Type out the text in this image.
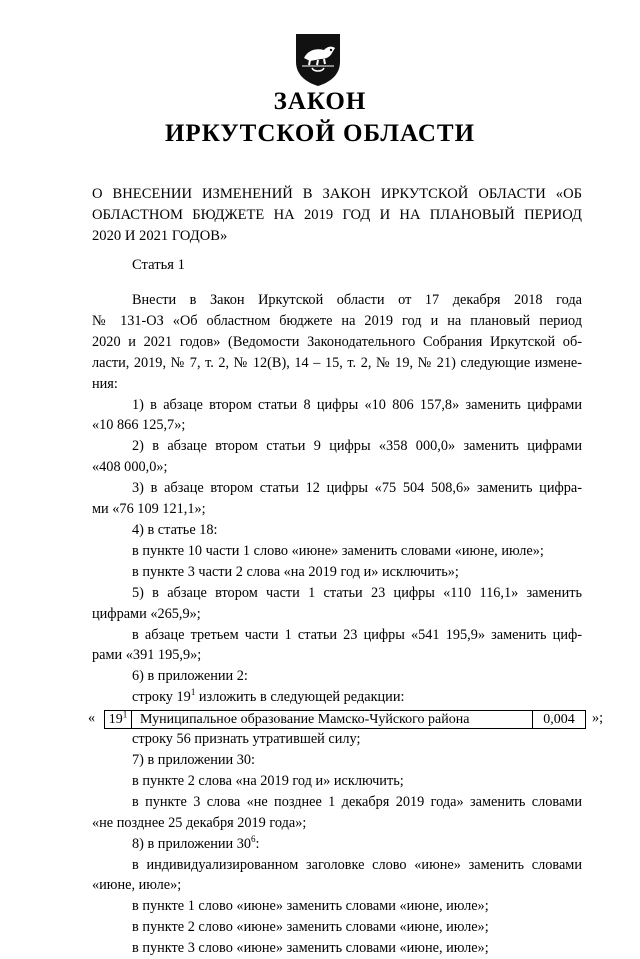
ЗАКОН
ИРКУТСКОЙ ОБЛАСТИ
О ВНЕСЕНИИ ИЗМЕНЕНИЙ В ЗАКОН ИРКУТСКОЙ ОБЛАСТИ «ОБ
ОБЛАСТНОМ БЮДЖЕТЕ НА 2019 ГОД И НА ПЛАНОВЫЙ ПЕРИОД
2020 И 2021 ГОДОВ»
Статья 1

Внести в Закон Иркутской области от 17 декабря 2018 года

№ 131-ОЗ «Об областном бюджете на 2019 год и на плановый период

2020 и 2021 годов» (Ведомости Законодательного Собрания Иркутской об-

ласти, 2019, № 7, т. 2, № 12(В), 14 – 15, т. 2, № 19, № 21) следующие измене-

ния:

1) в абзаце втором статьи 8 цифры «10 806 157,8» заменить цифрами

«10 866 125,7»;

2) в абзаце втором статьи 9 цифры «358 000,0» заменить цифрами

«408 000,0»;

3) в абзаце втором статьи 12 цифры «75 504 508,6» заменить цифра-

ми «76 109 121,1»;

4) в статье 18:

в пункте 10 части 1 слово «июне» заменить словами «июне, июле»;

в пункте 3 части 2 слова «на 2019 год и» исключить»;

5) в абзаце втором части 1 статьи 23 цифры «110 116,1» заменить

цифрами «265,9»;

в абзаце третьем части 1 статьи 23 цифры «541 195,9» заменить циф-

рами «391 195,9»;

6) в приложении 2:

строку $19^1$ изложить в следующей редакции:

« $19^1$ Муниципальное образование Мамско-Чуйского района	0,004	»;

строку 56 признать утратившей силу;

7) в приложении 30:

в пункте 2 слова «на 2019 год и» исключить;

в пункте 3 слова «не позднее 1 декабря 2019 года» заменить словами

«не позднее 25 декабря 2019 года»;

8) в приложении $30^6$:

в индивидуализированном заголовке слово «июне» заменить словами

«июне, июле»;

в пункте 1 слово «июне» заменить словами «июне, июле»;

в пункте 2 слово «июне» заменить словами «июне, июле»;

в пункте 3 слово «июне» заменить словами «июне, июле»;
